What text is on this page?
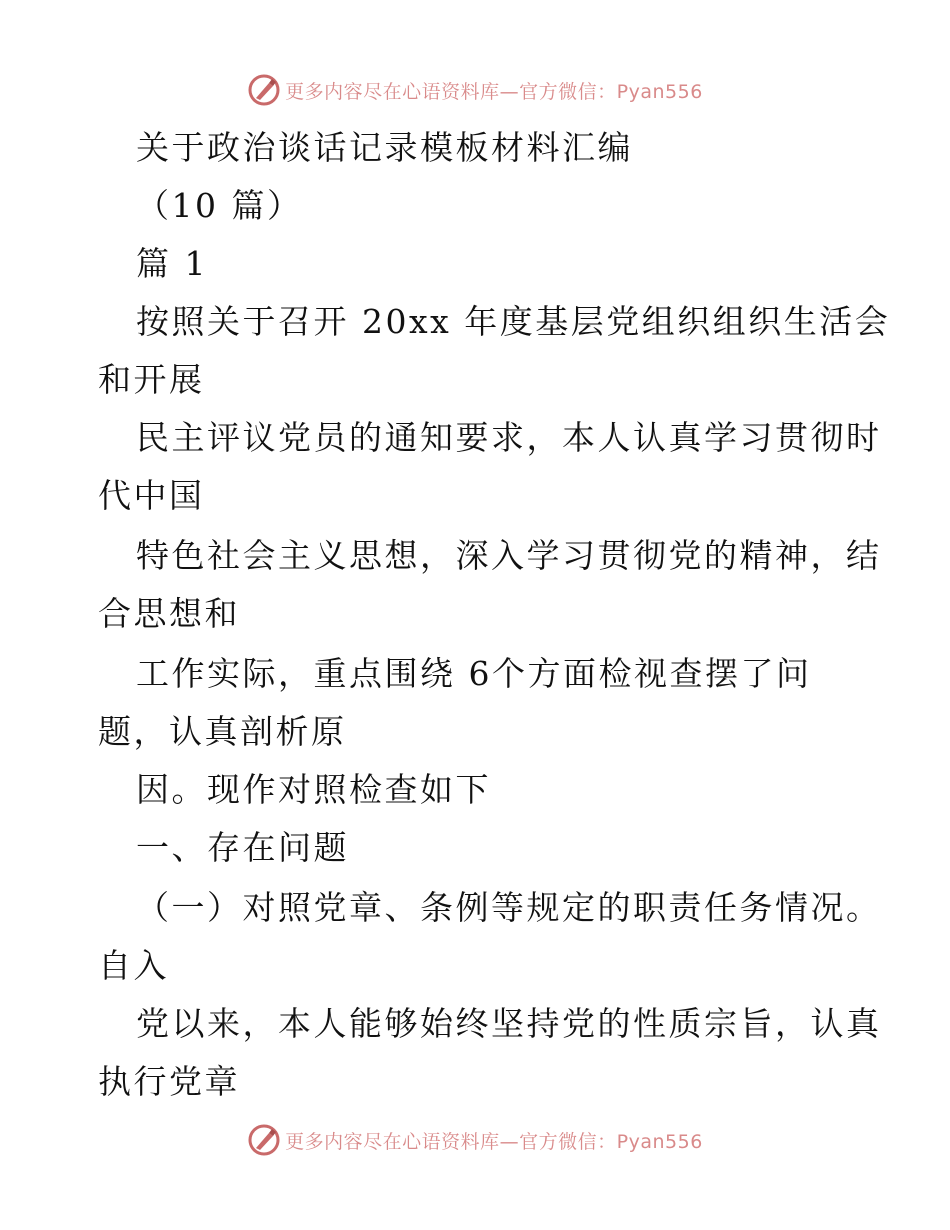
更多内容尽在心语资料库—官方微信：Pyan556
关于政治谈话记录模板材料汇编
（10 篇）
篇 1
按照关于召开 20xx 年度基层党组织组织生活会
和开展
民主评议党员的通知要求，本人认真学习贯彻时
代中国
特色社会主义思想，深入学习贯彻党的精神，结
合思想和
工作实际，重点围绕 6个方面检视查摆了问
题，认真剖析原
因。现作对照检查如下
一、存在问题
（一）对照党章、条例等规定的职责任务情况。
自入
党以来，本人能够始终坚持党的性质宗旨，认真
执行党章
更多内容尽在心语资料库—官方微信：Pyan556
